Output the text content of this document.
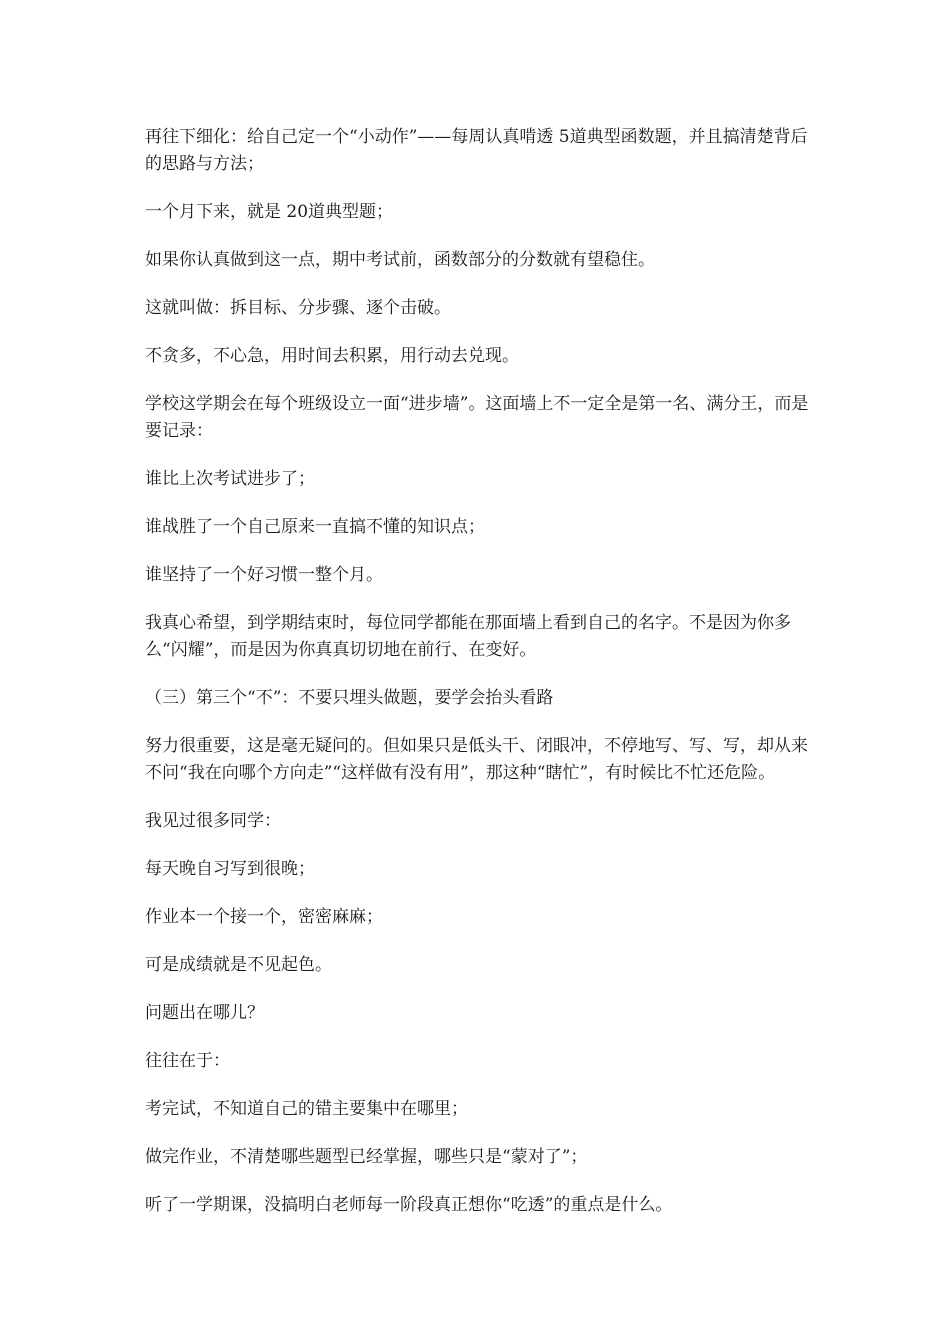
再往下细化：给自己定一个“小动作”——每周认真啃透 5道典型函数题，并且搞清楚背后的思路与方法；

一个月下来，就是 20道典型题；

如果你认真做到这一点，期中考试前，函数部分的分数就有望稳住。

这就叫做：拆目标、分步骤、逐个击破。

不贪多，不心急，用时间去积累，用行动去兑现。

学校这学期会在每个班级设立一面“进步墙”。这面墙上不一定全是第一名、满分王，而是要记录：

谁比上次考试进步了；

谁战胜了一个自己原来一直搞不懂的知识点；

谁坚持了一个好习惯一整个月。

我真心希望，到学期结束时，每位同学都能在那面墙上看到自己的名字。不是因为你多么“闪耀”，而是因为你真真切切地在前行、在变好。

（三）第三个“不”：不要只埋头做题，要学会抬头看路

努力很重要，这是毫无疑问的。但如果只是低头干、闭眼冲，不停地写、写、写，却从来不问“我在向哪个方向走”“这样做有没有用”，那这种“瞎忙”，有时候比不忙还危险。

我见过很多同学：

每天晚自习写到很晚；

作业本一个接一个，密密麻麻；

可是成绩就是不见起色。

问题出在哪儿？

往往在于：

考完试，不知道自己的错主要集中在哪里；

做完作业，不清楚哪些题型已经掌握，哪些只是“蒙对了”；

听了一学期课，没搞明白老师每一阶段真正想你“吃透”的重点是什么。
